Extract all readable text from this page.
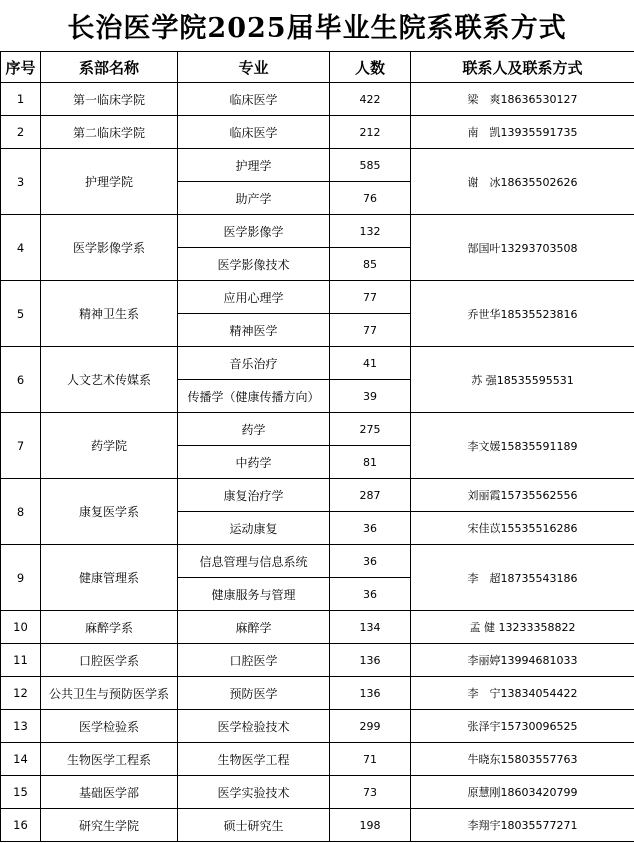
长治医学院2025届毕业生院系联系方式
序号	系部名称	专业	人数	联系人及联系方式
1	第一临床学院	临床医学	422	梁　爽18636530127
2	第二临床学院	临床医学	212	南　凯13935591735
3	护理学院	护理学	585	谢　冰18635502626
		助产学	76	
4	医学影像学系	医学影像学	132	郜国叶13293703508
		医学影像技术	85	
5	精神卫生系	应用心理学	77	乔世华18535523816
		精神医学	77	
6	人文艺术传媒系	音乐治疗	41	苏 强18535595531
		传播学（健康传播方向）	39	
7	药学院	药学	275	李文媛15835591189
		中药学	81	
8	康复医学系	康复治疗学	287	刘丽霞15735562556
		运动康复	36	宋佳苡15535516286
9	健康管理系	信息管理与信息系统	36	李　超18735543186
		健康服务与管理	36	
10	麻醉学系	麻醉学	134	孟 健 13233358822
11	口腔医学系	口腔医学	136	李丽婷13994681033
12	公共卫生与预防医学系	预防医学	136	李　宁13834054422
13	医学检验系	医学检验技术	299	张泽宇15730096525
14	生物医学工程系	生物医学工程	71	牛晓东15803557763
15	基础医学部	医学实验技术	73	原慧刚18603420799
16	研究生学院	硕士研究生	198	李翔宇18035577271
